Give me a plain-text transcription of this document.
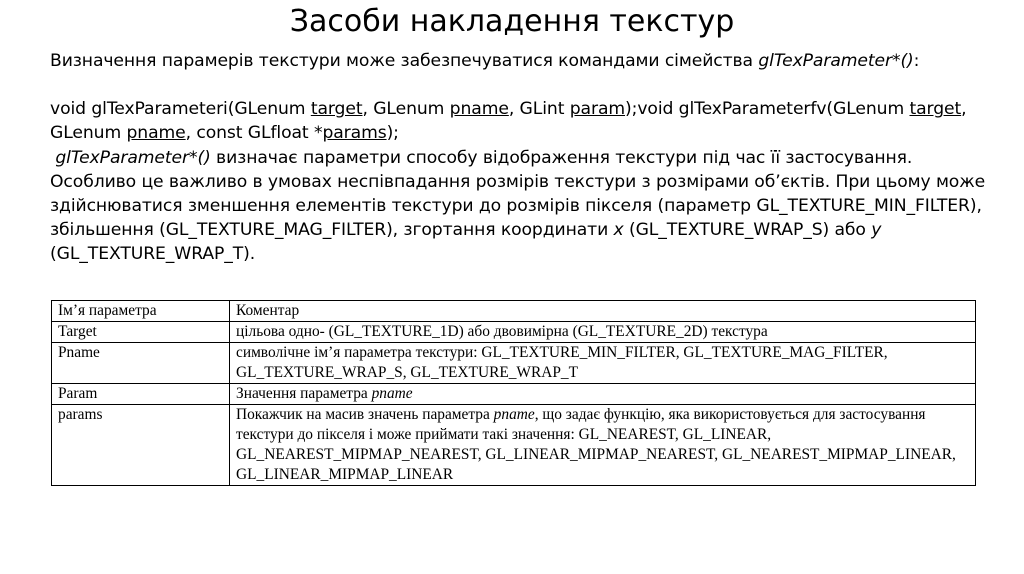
Засоби накладення текстур

Визначення парамерів текстури може забезпечуватися командами сімейства glTexParameter*():

void glTexParameteri(GLenum target, GLenum pname, GLint param);void glTexParameterfv(GLenum target, GLenum pname, const GLfloat *params);

glTexParameter*() визначає параметри способу відображення текстури під час її застосування. Особливо це важливо в умовах неспівпадання розмірів текстури з розмірами об’єктів. При цьому може здійснюватися зменшення елементів текстури до розмірів пікселя (параметр GL_TEXTURE_MIN_FILTER), збільшення (GL_TEXTURE_MAG_FILTER), згортання координати x (GL_TEXTURE_WRAP_S) або y (GL_TEXTURE_WRAP_T).

Ім’я параметра	Коментар
Target	цільова одно- (GL_TEXTURE_1D) або двовимірна (GL_TEXTURE_2D) текстура
Pname	символічне ім’я параметра текстури: GL_TEXTURE_MIN_FILTER, GL_TEXTURE_MAG_FILTER, GL_TEXTURE_WRAP_S, GL_TEXTURE_WRAP_T
Param	Значення параметра pname
params	Покажчик на масив значень параметра pname, що задає функцію, яка використовується для застосування текстури до пікселя і може приймати такі значення: GL_NEAREST, GL_LINEAR, GL_NEAREST_MIPMAP_NEAREST, GL_LINEAR_MIPMAP_NEAREST, GL_NEAREST_MIPMAP_LINEAR, GL_LINEAR_MIPMAP_LINEAR
